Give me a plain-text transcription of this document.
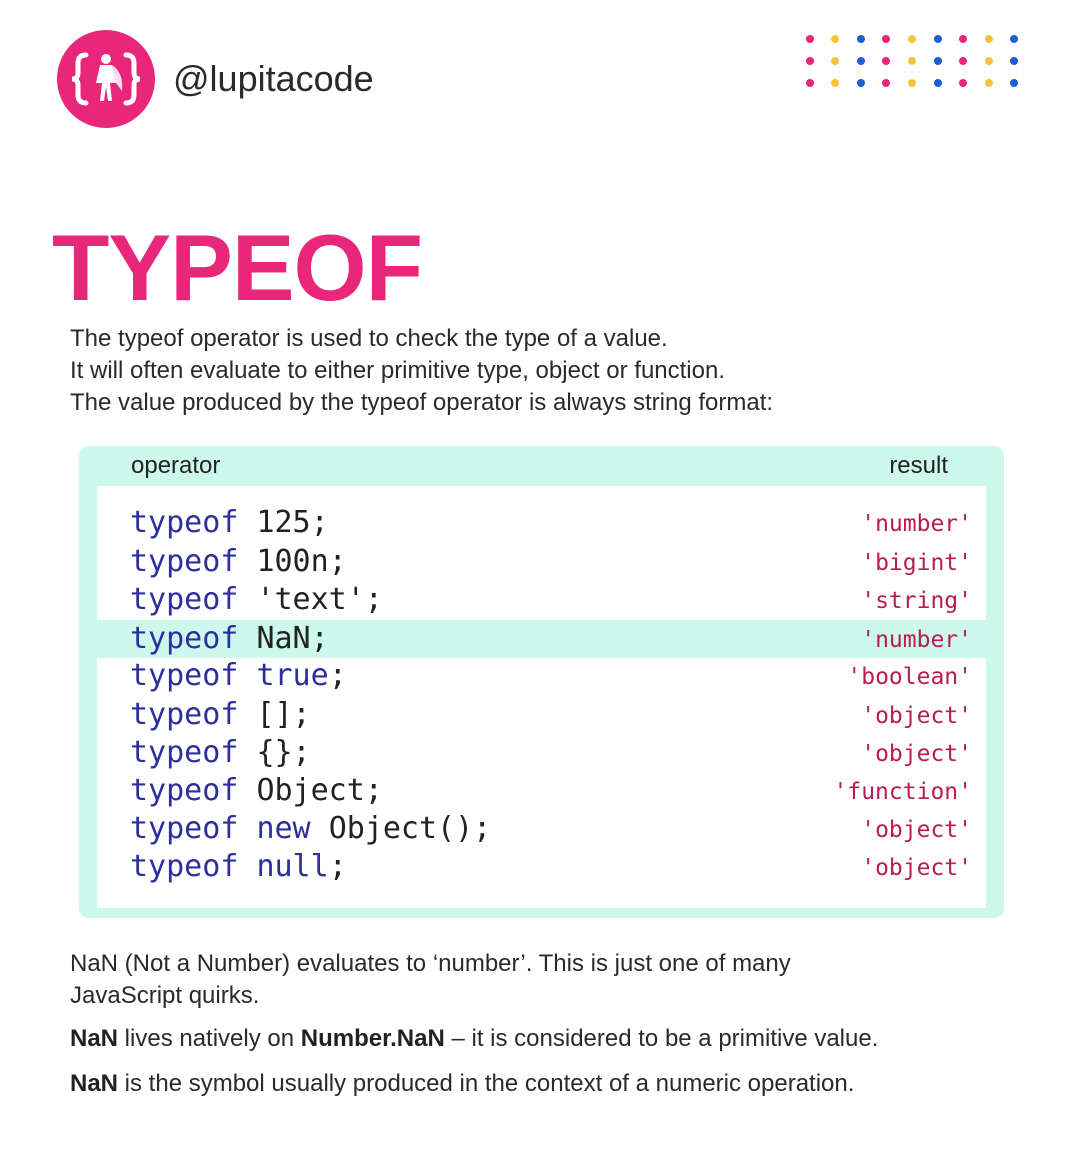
@lupitacode
TYPEOF
The typeof operator is used to check the type of a value.
It will often evaluate to either primitive type, object or function.
The value produced by the typeof operator is always string format:
operator	result
typeof 125;	'number'
typeof 100n;	'bigint'
typeof 'text';	'string'
typeof NaN;	'number'
typeof true;	'boolean'
typeof [];	'object'
typeof {};	'object'
typeof Object;	'function'
typeof new Object();	'object'
typeof null;	'object'
NaN (Not a Number) evaluates to ‘number’. This is just one of many
JavaScript quirks.
NaN lives natively on Number.NaN – it is considered to be a primitive value.
NaN is the symbol usually produced in the context of a numeric operation.
